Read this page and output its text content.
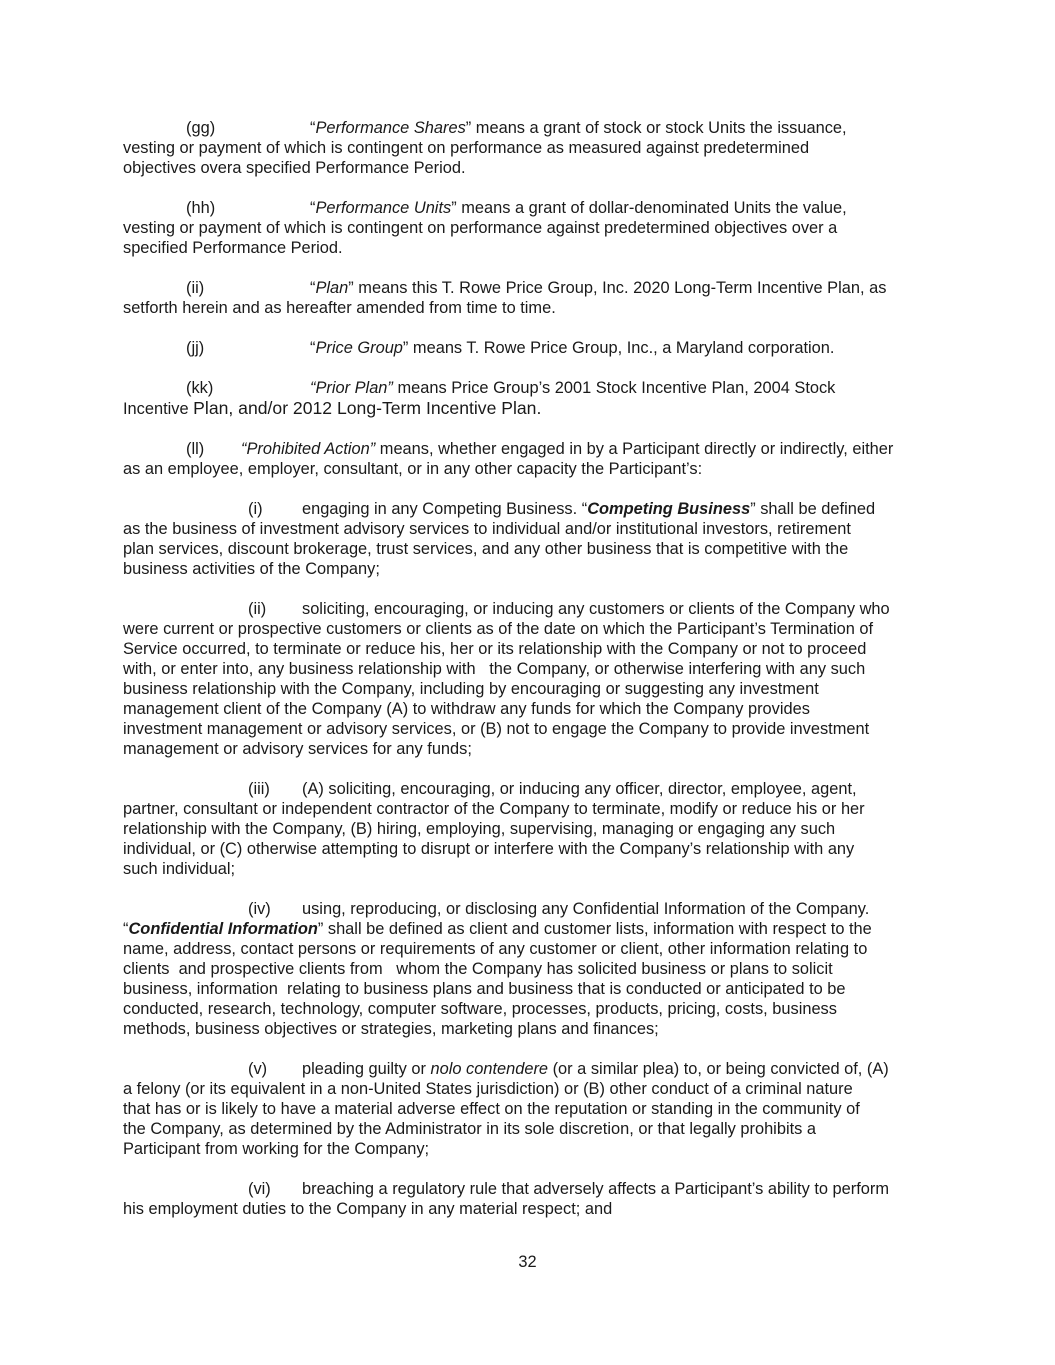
(gg)	“Performance Shares” means a grant of stock or stock Units the issuance,
vesting or payment of which is contingent on performance as measured against predetermined
objectives overa specified Performance Period.
(hh)	“Performance Units” means a grant of dollar-denominated Units the value,
vesting or payment of which is contingent on performance against predetermined objectives over a
specified Performance Period.
(ii)	“Plan” means this T. Rowe Price Group, Inc. 2020 Long-Term Incentive Plan, as
setforth herein and as hereafter amended from time to time.
(jj)	“Price Group” means T. Rowe Price Group, Inc., a Maryland corporation.
(kk)	“Prior Plan” means Price Group’s 2001 Stock Incentive Plan, 2004 Stock
Incentive Plan, and/or 2012 Long-Term Incentive Plan.
(ll) “Prohibited Action” means, whether engaged in by a Participant directly or indirectly, either
as an employee, employer, consultant, or in any other capacity the Participant’s:
(i) engaging in any Competing Business. “Competing Business” shall be defined
as the business of investment advisory services to individual and/or institutional investors, retirement
plan services, discount brokerage, trust services, and any other business that is competitive with the
business activities of the Company;
(ii) soliciting, encouraging, or inducing any customers or clients of the Company who
were current or prospective customers or clients as of the date on which the Participant’s Termination of
Service occurred, to terminate or reduce his, her or its relationship with the Company or not to proceed
with, or enter into, any business relationship with   the Company, or otherwise interfering with any such
business relationship with the Company, including by encouraging or suggesting any investment
management client of the Company (A) to withdraw any funds for which the Company provides
investment management or advisory services, or (B) not to engage the Company to provide investment
management or advisory services for any funds;
(iii) (A) soliciting, encouraging, or inducing any officer, director, employee, agent,
partner, consultant or independent contractor of the Company to terminate, modify or reduce his or her
relationship with the Company, (B) hiring, employing, supervising, managing or engaging any such
individual, or (C) otherwise attempting to disrupt or interfere with the Company’s relationship with any
such individual;
(iv) using, reproducing, or disclosing any Confidential Information of the Company.
“Confidential Information” shall be defined as client and customer lists, information with respect to the
name, address, contact persons or requirements of any customer or client, other information relating to
clients  and prospective clients from   whom the Company has solicited business or plans to solicit
business, information  relating to business plans and business that is conducted or anticipated to be
conducted, research, technology, computer software, processes, products, pricing, costs, business
methods, business objectives or strategies, marketing plans and finances;
(v) pleading guilty or nolo contendere (or a similar plea) to, or being convicted of, (A)
a felony (or its equivalent in a non-United States jurisdiction) or (B) other conduct of a criminal nature
that has or is likely to have a material adverse effect on the reputation or standing in the community of
the Company, as determined by the Administrator in its sole discretion, or that legally prohibits a
Participant from working for the Company;
(vi) breaching a regulatory rule that adversely affects a Participant’s ability to perform
his employment duties to the Company in any material respect; and
32
